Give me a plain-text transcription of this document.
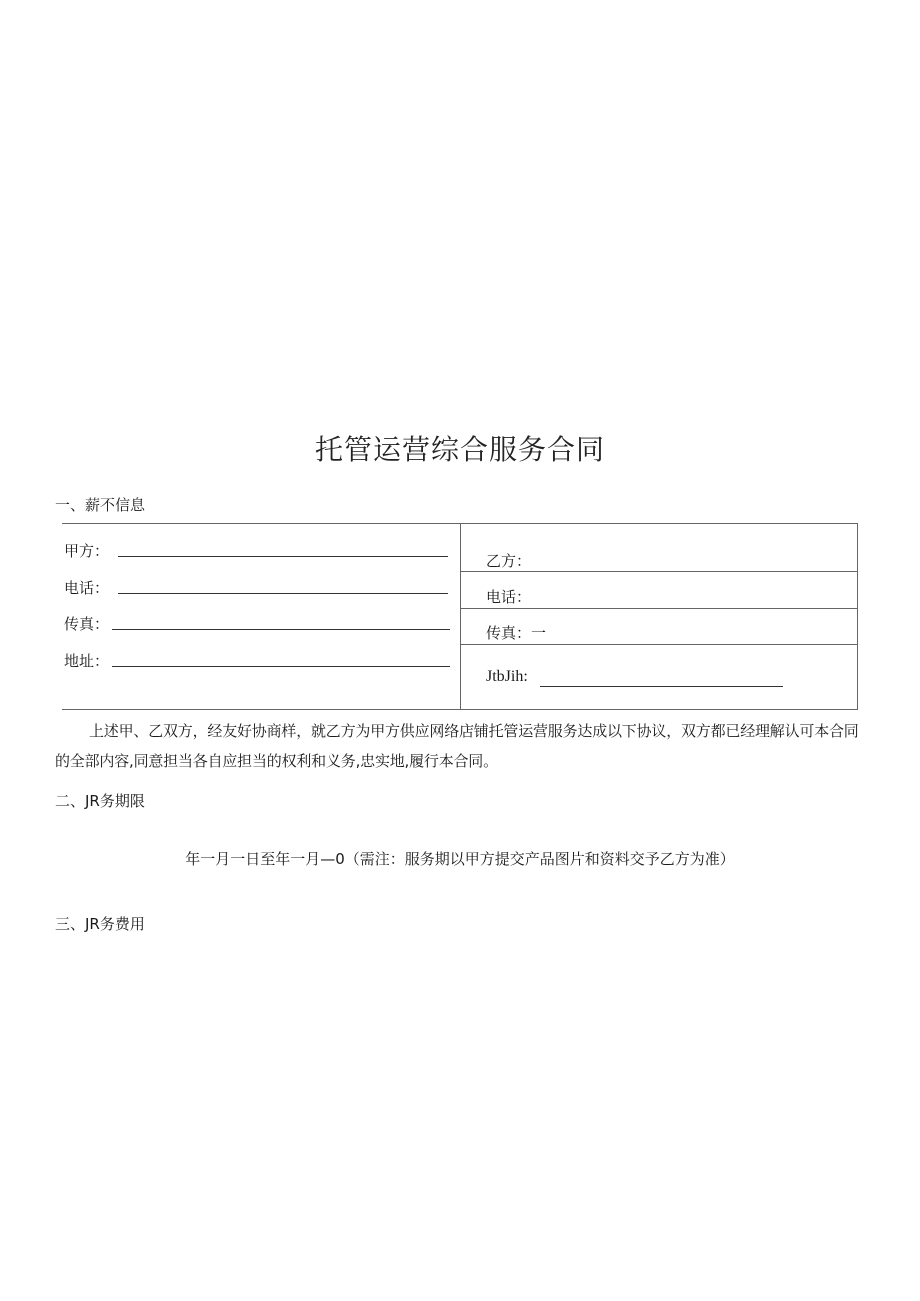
托管运营综合服务合同
一、薪不信息
甲方：
电话：
传真：
地址：
乙方：
电话：
传真：一
JtbJih:
上述甲、乙双方，经友好协商样，就乙方为甲方供应网络店铺托管运营服务达成以下协议，双方都已经理解认可本合同的全部内容,同意担当各自应担当的权利和义务,忠实地,履行本合同。
二、JR务期限
年一月一日至年一月—0（需注：服务期以甲方提交产品图片和资料交予乙方为准）
三、JR务费用
